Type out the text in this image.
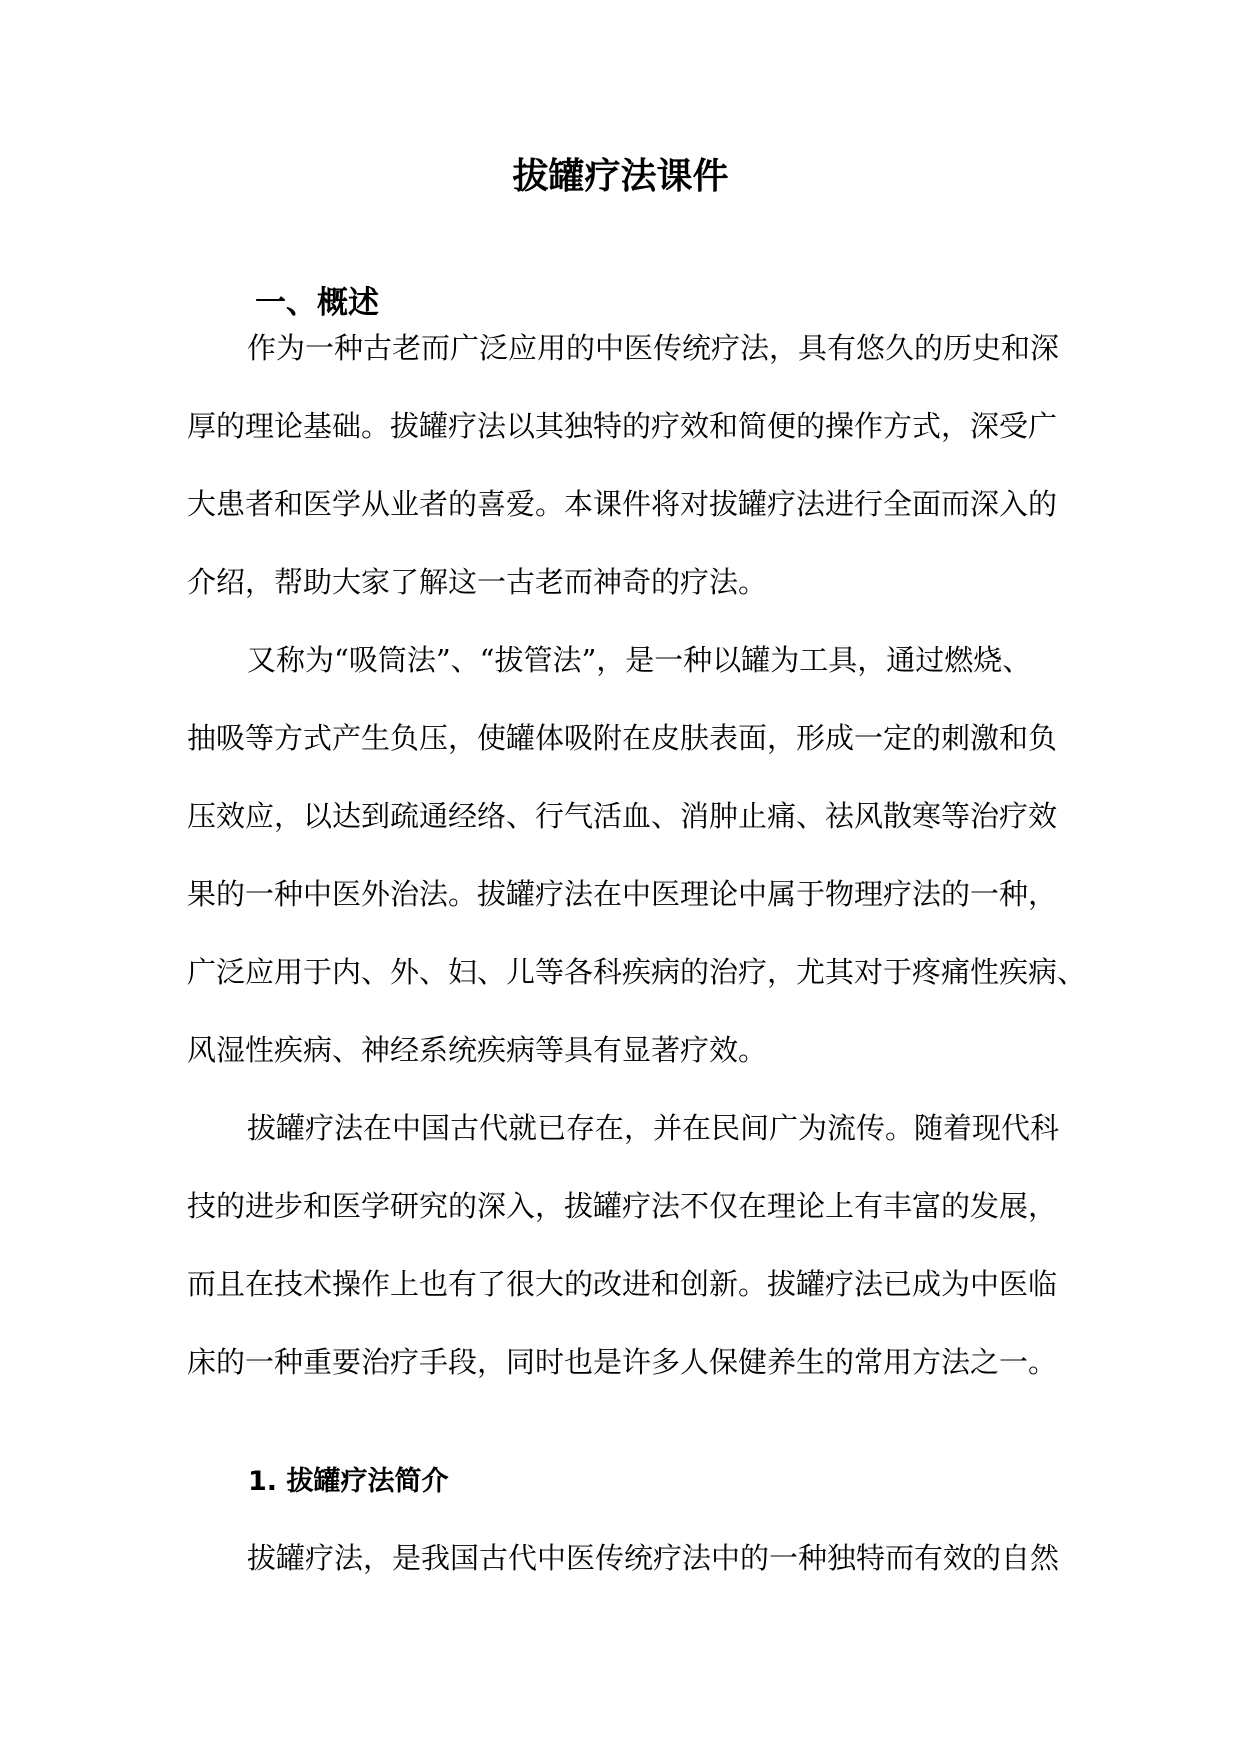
拔罐疗法课件
一、概述

作为一种古老而广泛应用的中医传统疗法，具有悠久的历史和深

厚的理论基础。拔罐疗法以其独特的疗效和简便的操作方式，深受广

大患者和医学从业者的喜爱。本课件将对拔罐疗法进行全面而深入的

介绍，帮助大家了解这一古老而神奇的疗法。

又称为“吸筒法”、“拔管法”，是一种以罐为工具，通过燃烧、

抽吸等方式产生负压，使罐体吸附在皮肤表面，形成一定的刺激和负

压效应，以达到疏通经络、行气活血、消肿止痛、祛风散寒等治疗效

果的一种中医外治法。拔罐疗法在中医理论中属于物理疗法的一种，

广泛应用于内、外、妇、儿等各科疾病的治疗，尤其对于疼痛性疾病、

风湿性疾病、神经系统疾病等具有显著疗效。

拔罐疗法在中国古代就已存在，并在民间广为流传。随着现代科

技的进步和医学研究的深入，拔罐疗法不仅在理论上有丰富的发展，

而且在技术操作上也有了很大的改进和创新。拔罐疗法已成为中医临

床的一种重要治疗手段，同时也是许多人保健养生的常用方法之一。

1. 拔罐疗法简介

拔罐疗法，是我国古代中医传统疗法中的一种独特而有效的自然
